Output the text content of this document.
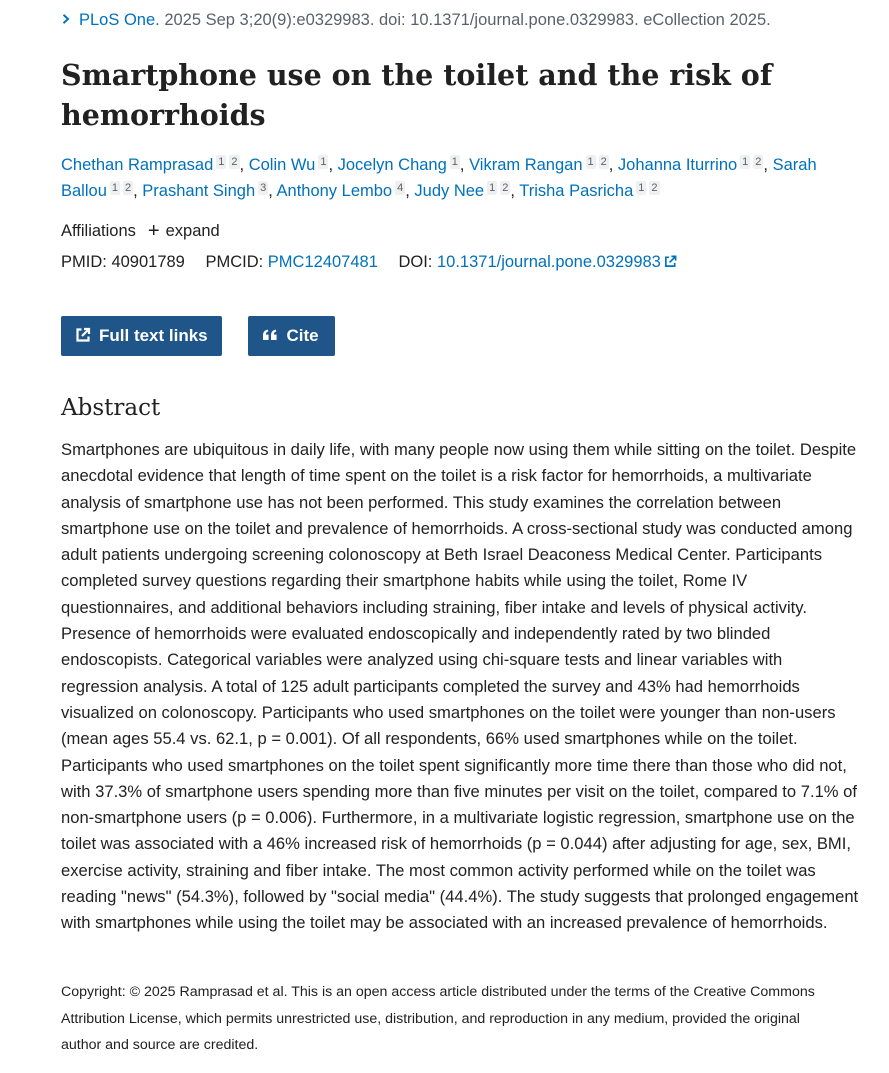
PLoS One. 2025 Sep 3;20(9):e0329983. doi: 10.1371/journal.pone.0329983. eCollection 2025.
Smartphone use on the toilet and the risk of hemorrhoids
Chethan Ramprasad 1 2 , Colin Wu 1 , Jocelyn Chang 1 , Vikram Rangan 1 2 , Johanna Iturrino 1 2 , Sarah Ballou 1 2 , Prashant Singh 3 , Anthony Lembo 4 , Judy Nee 1 2 , Trisha Pasricha 1 2
Affiliations + expand
PMID: 40901789 PMCID: PMC12407481 DOI: 10.1371/journal.pone.0329983
Full text links	Cite
Abstract

Smartphones are ubiquitous in daily life, with many people now using them while sitting on the toilet. Despite anecdotal evidence that length of time spent on the toilet is a risk factor for hemorrhoids, a multivariate analysis of smartphone use has not been performed. This study examines the correlation between smartphone use on the toilet and prevalence of hemorrhoids. A cross-sectional study was conducted among adult patients undergoing screening colonoscopy at Beth Israel Deaconess Medical Center. Participants completed survey questions regarding their smartphone habits while using the toilet, Rome IV questionnaires, and additional behaviors including straining, fiber intake and levels of physical activity. Presence of hemorrhoids were evaluated endoscopically and independently rated by two blinded endoscopists. Categorical variables were analyzed using chi-square tests and linear variables with regression analysis. A total of 125 adult participants completed the survey and 43% had hemorrhoids visualized on colonoscopy. Participants who used smartphones on the toilet were younger than non-users (mean ages 55.4 vs. 62.1, p = 0.001). Of all respondents, 66% used smartphones while on the toilet. Participants who used smartphones on the toilet spent significantly more time there than those who did not, with 37.3% of smartphone users spending more than five minutes per visit on the toilet, compared to 7.1% of non-smartphone users (p = 0.006). Furthermore, in a multivariate logistic regression, smartphone use on the toilet was associated with a 46% increased risk of hemorrhoids (p = 0.044) after adjusting for age, sex, BMI, exercise activity, straining and fiber intake. The most common activity performed while on the toilet was reading "news" (54.3%), followed by "social media" (44.4%). The study suggests that prolonged engagement with smartphones while using the toilet may be associated with an increased prevalence of hemorrhoids.

Copyright: © 2025 Ramprasad et al. This is an open access article distributed under the terms of the Creative Commons Attribution License, which permits unrestricted use, distribution, and reproduction in any medium, provided the original author and source are credited.
